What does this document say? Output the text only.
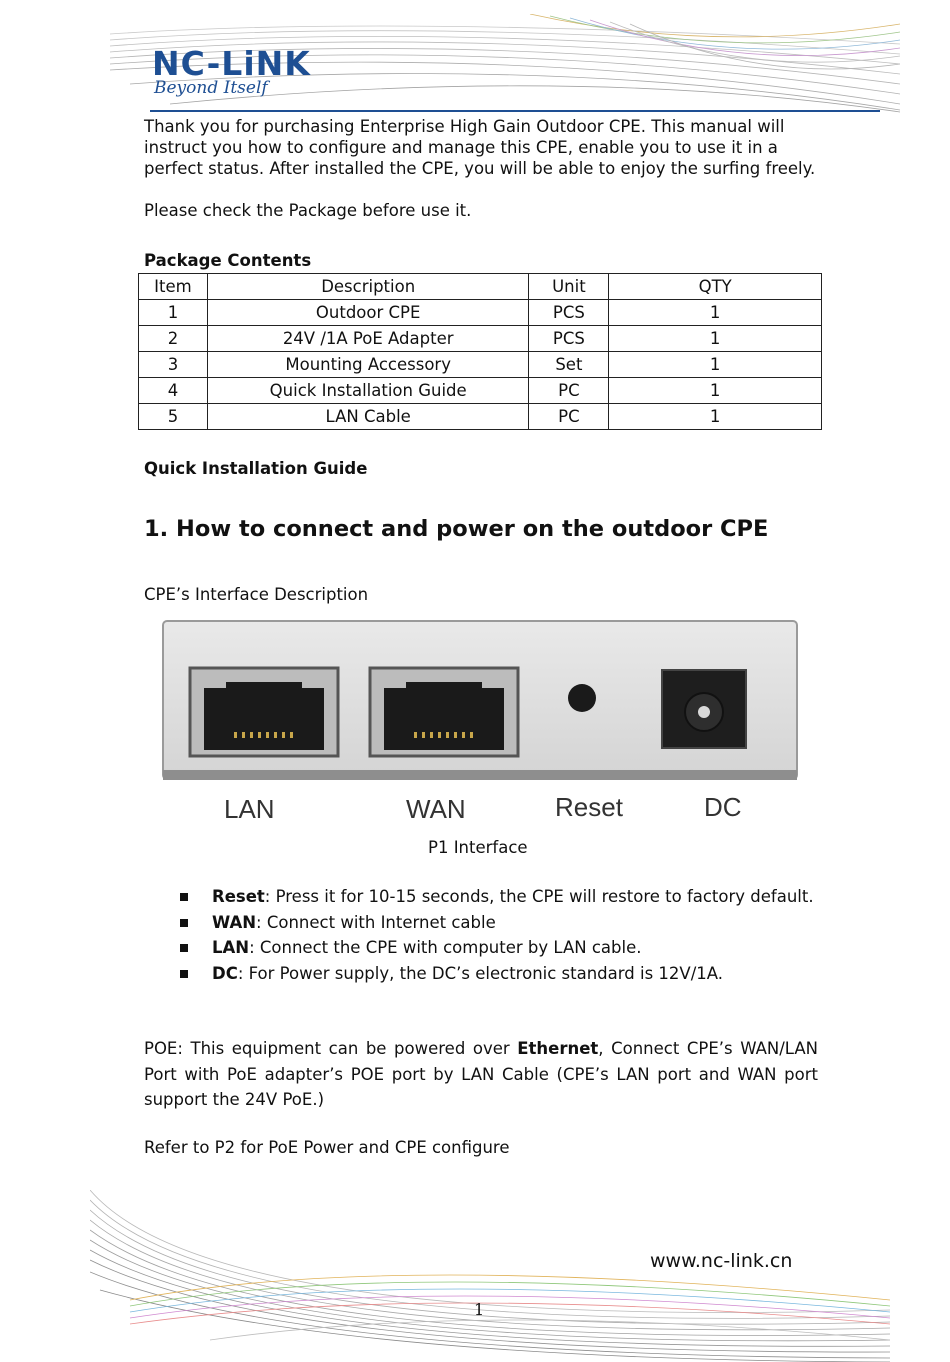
NC-LiNK
Beyond Itself
Thank you for purchasing Enterprise High Gain Outdoor CPE. This manual will instruct you how to configure and manage this CPE, enable you to use it in a perfect status. After installed the CPE, you will be able to enjoy the surfing freely.
Please check the Package before use it.
Package Contents
Item	Description	Unit	QTY
1	Outdoor CPE	PCS	1
2	24V /1A PoE Adapter	PCS	1
3	Mounting Accessory	Set	1
4	Quick Installation Guide	PC	1
5	LAN Cable	PC	1
Quick Installation Guide
1. How to connect and power on the outdoor CPE
CPE’s Interface Description
LAN	WAN	Reset	DC
P1 Interface
Reset: Press it for 10-15 seconds, the CPE will restore to factory default.
WAN: Connect with Internet cable
LAN: Connect the CPE with computer by LAN cable.
DC: For Power supply, the DC’s electronic standard is 12V/1A.
POE: This equipment can be powered over Ethernet, Connect CPE’s WAN/LAN Port with PoE adapter’s POE port by LAN Cable (CPE’s LAN port and WAN port support the 24V PoE.)
Refer to P2 for PoE Power and CPE configure
www.nc-link.cn
1
